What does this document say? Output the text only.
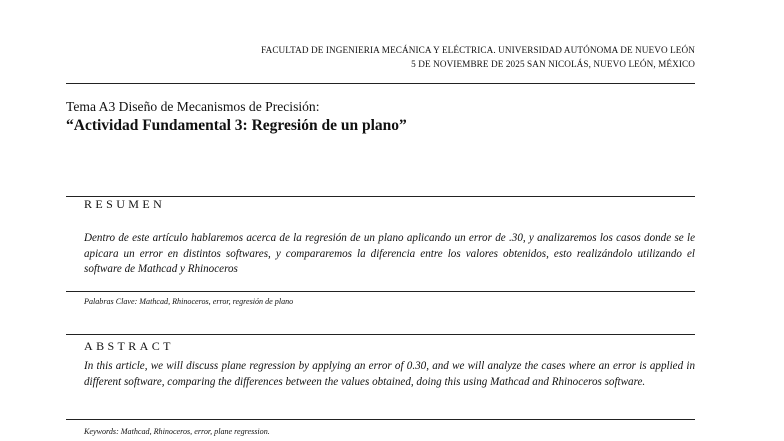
FACULTAD DE INGENIERIA MECÁNICA Y ELÉCTRICA. UNIVERSIDAD AUTÓNOMA DE NUEVO LEÓN
5 DE NOVIEMBRE DE 2025 SAN NICOLÁS, NUEVO LEÓN, MÉXICO
Tema A3 Diseño de Mecanismos de Precisión:
“Actividad Fundamental 3: Regresión de un plano”
RESUMEN
Dentro de este artículo hablaremos acerca de la regresión de un plano aplicando un error de .30, y analizaremos los casos donde se le apicara un error en distintos softwares, y compararemos la diferencia entre los valores obtenidos, esto realizándolo utilizando el software de Mathcad y Rhinoceros
Palabras Clave: Mathcad, Rhinoceros, error, regresión de plano
ABSTRACT
In this article, we will discuss plane regression by applying an error of 0.30, and we will analyze the cases where an error is applied in different software, comparing the differences between the values obtained, doing this using Mathcad and Rhinoceros software.
Keywords: Mathcad, Rhinoceros, error, plane regression.
